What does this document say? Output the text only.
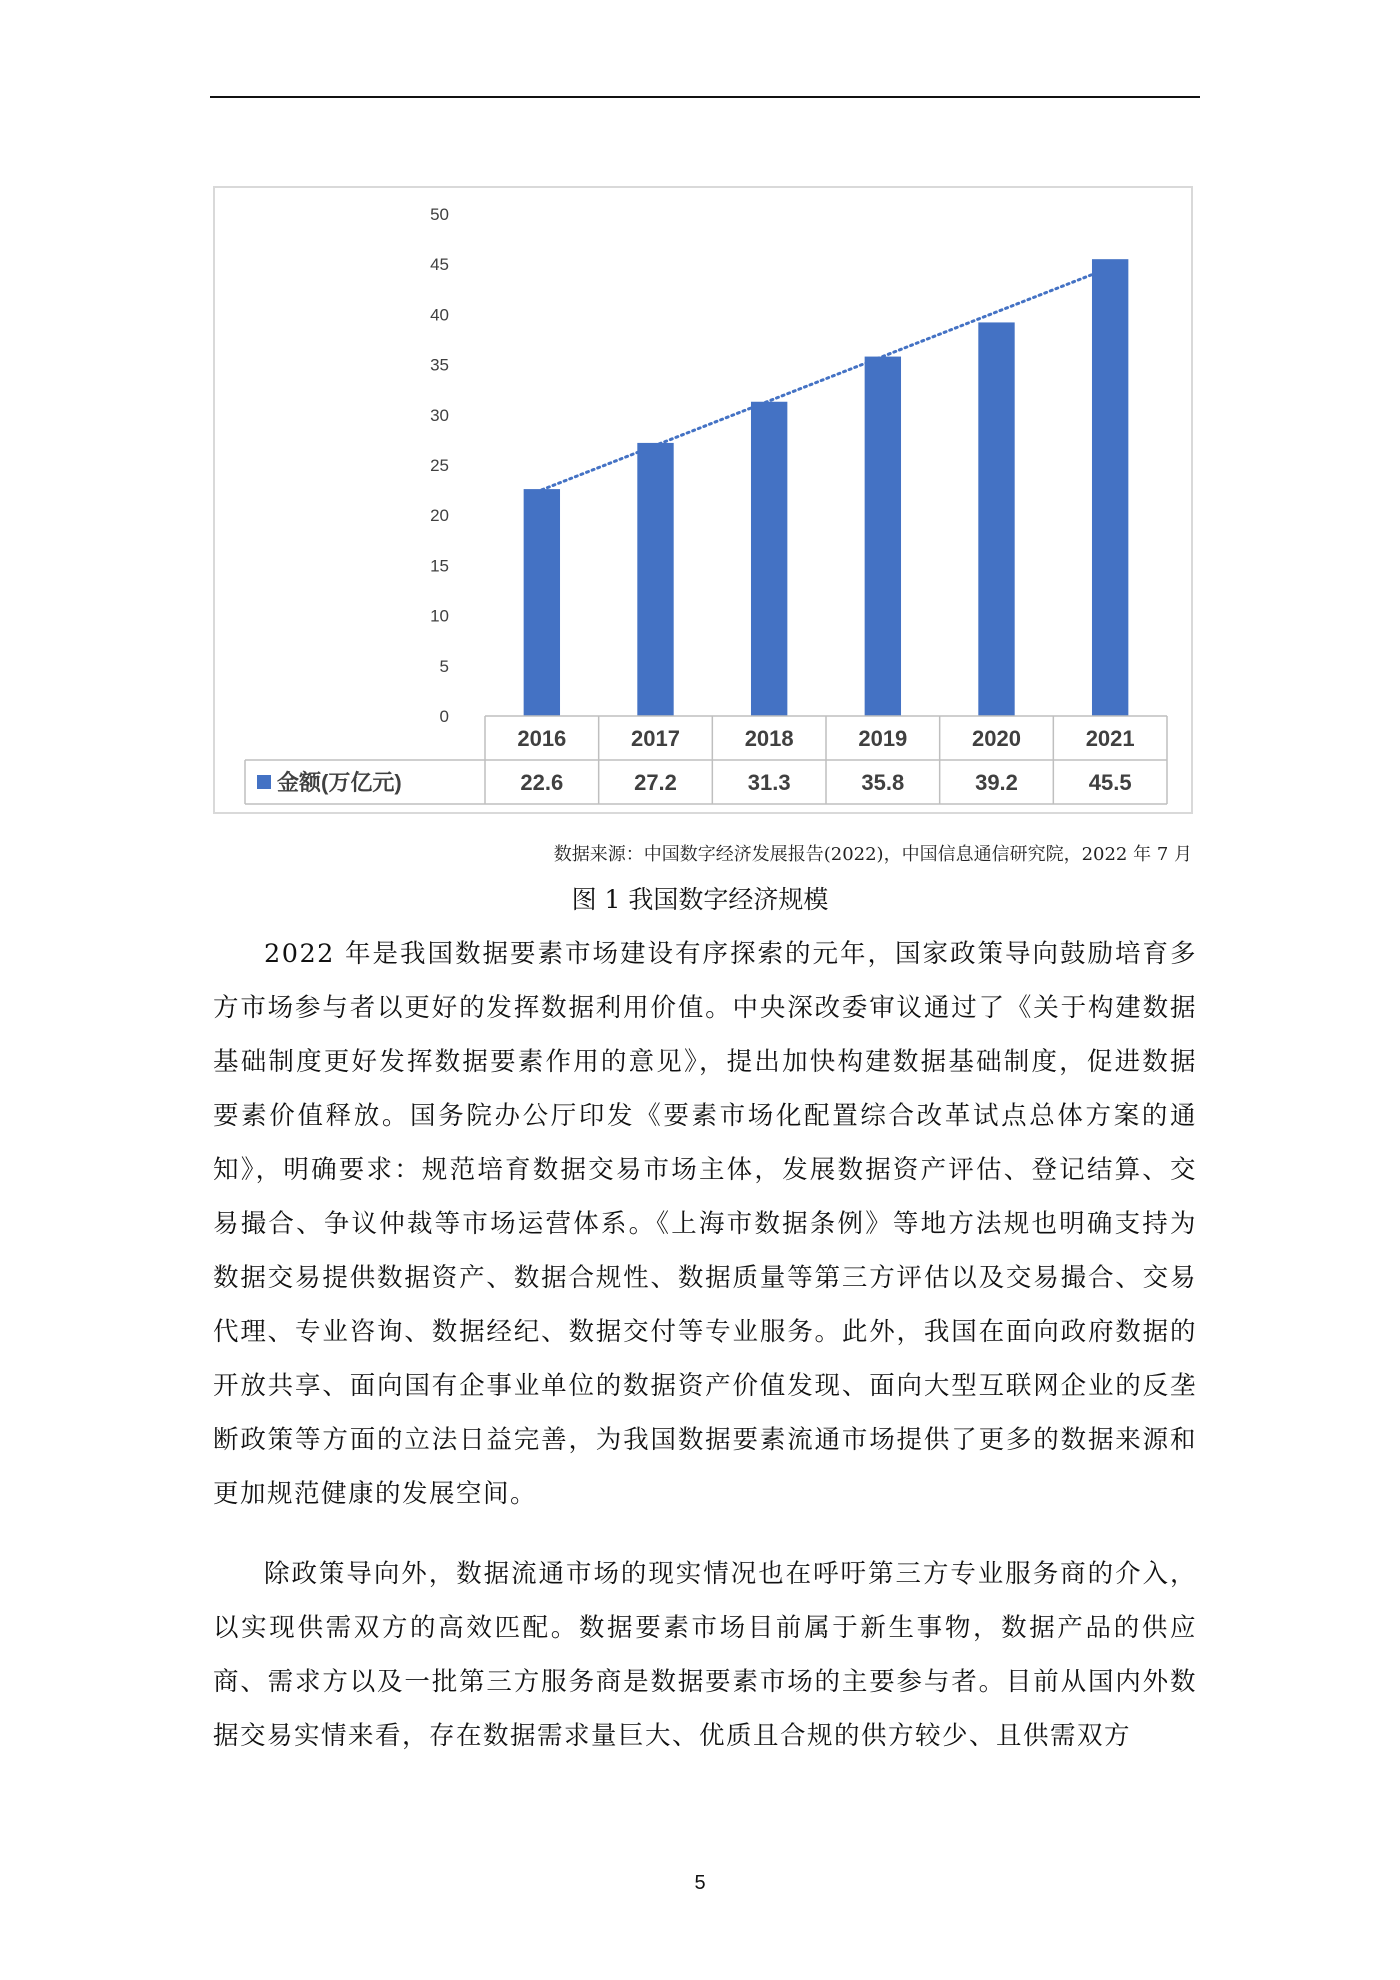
0
5
10
15
20
25
30
35
40
45
50
2016
22.6
2017
27.2
2018
31.3
2019
35.8
2020
39.2
2021
45.5
金额(万亿元)
数据来源：中国数字经济发展报告(2022)，中国信息通信研究院，2022 年 7 月
图 1 我国数字经济规模

2022 年是我国数据要素市场建设有序探索的元年，国家政策导向鼓励培育多方市场参与者以更好的发挥数据利用价值。中央深改委审议通过了《关于构建数据基础制度更好发挥数据要素作用的意见》，提出加快构建数据基础制度，促进数据要素价值释放。国务院办公厅印发《要素市场化配置综合改革试点总体方案的通知》，明确要求：规范培育数据交易市场主体，发展数据资产评估、登记结算、交易撮合、争议仲裁等市场运营体系。《上海市数据条例》等地方法规也明确支持为数据交易提供数据资产、数据合规性、数据质量等第三方评估以及交易撮合、交易代理、专业咨询、数据经纪、数据交付等专业服务。此外，我国在面向政府数据的开放共享、面向国有企事业单位的数据资产价值发现、面向大型互联网企业的反垄断政策等方面的立法日益完善，为我国数据要素流通市场提供了更多的数据来源和更加规范健康的发展空间。

除政策导向外，数据流通市场的现实情况也在呼吁第三方专业服务商的介入，以实现供需双方的高效匹配。数据要素市场目前属于新生事物，数据产品的供应商、需求方以及一批第三方服务商是数据要素市场的主要参与者。目前从国内外数据交易实情来看，存在数据需求量巨大、优质且合规的供方较少、且供需双方

5
